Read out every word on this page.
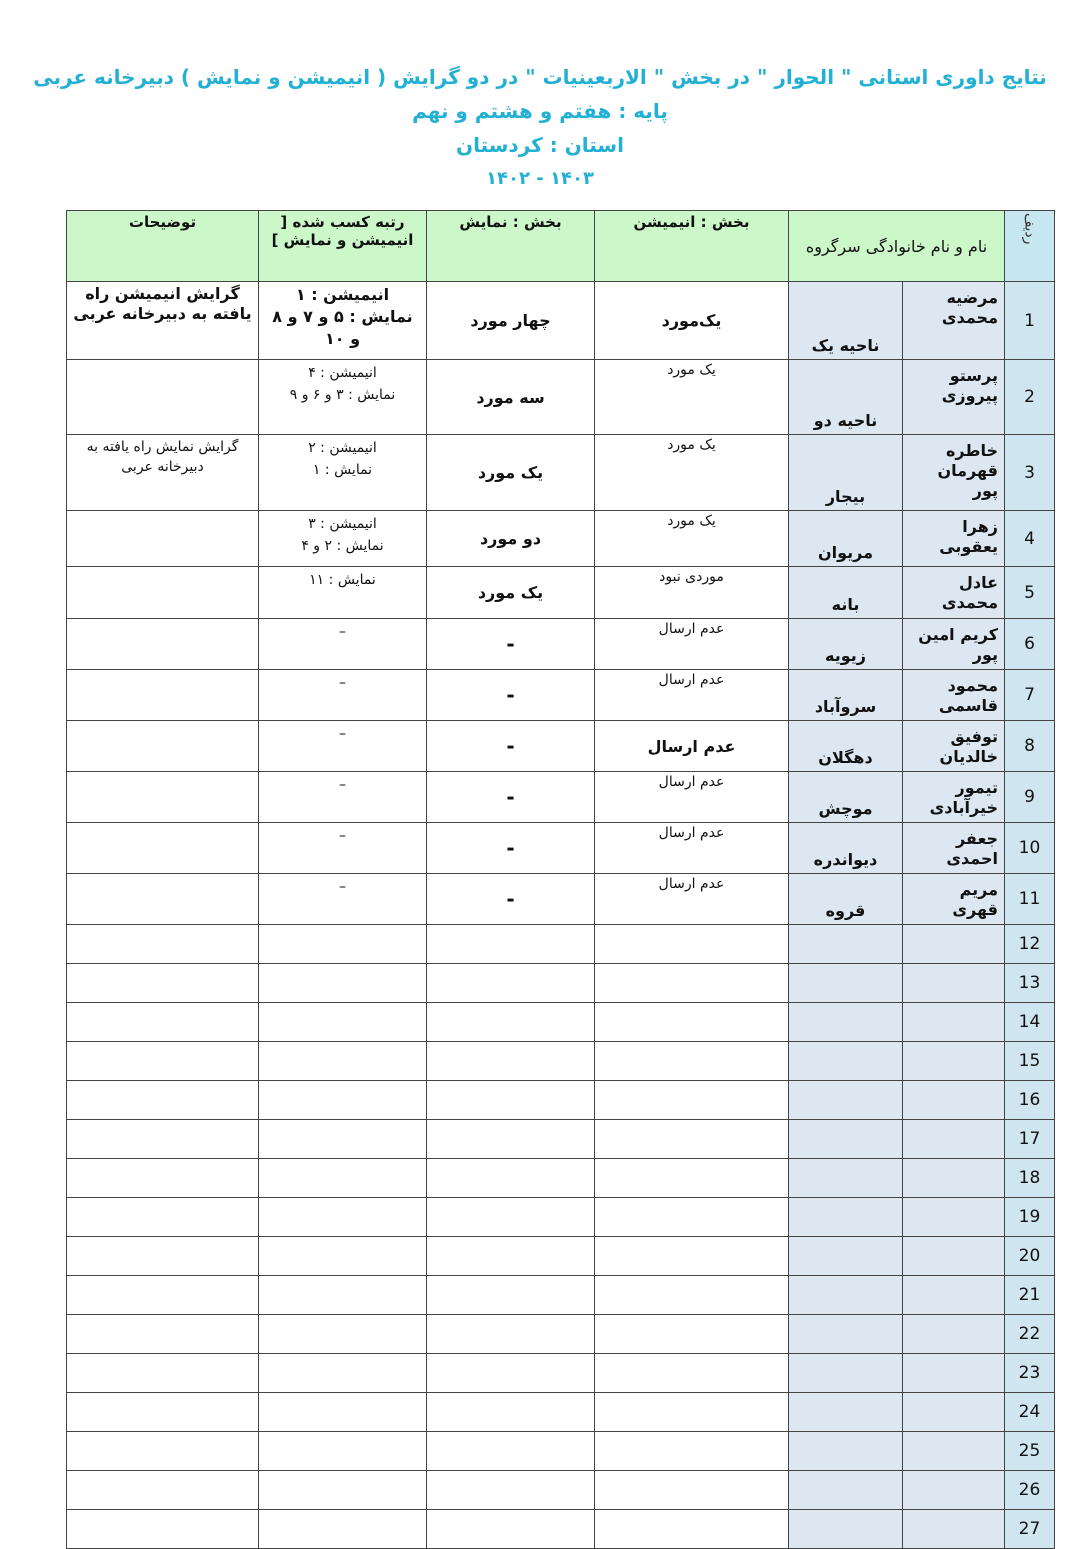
نتایج داوری استانی " الحوار " در بخش " الاربعینیات " در دو گرایش ( انیمیشن و نمایش ) دبیرخانه عربی
پایه : هفتم و هشتم و نهم
استان : کردستان
۱۴۰۳ - ۱۴۰۲
ردیف	نام و نام خانوادگی سرگروه		بخش : انیمیشن	بخش : نمایش	رتبه کسب شده [ انیمیشن و نمایش ]	توضیحات
1	مرضیه محمدی	ناحیه یک	یک‌مورد	چهار مورد	انیمیشن : ۱
نمایش : ۵ و ۷ و ۸ و ۱۰	گرایش انیمیشن راه یافته به دبیرخانه عربی
2	پرستو پیروزی	ناحیه دو	یک مورد	سه مورد	انیمیشن : ۴
نمایش : ۳ و ۶ و ۹	

3	خاطره قهرمان پور	بیجار	یک مورد	یک مورد	انیمیشن : ۲
نمایش : ۱	گرایش نمایش راه یافته به دبیرخانه عربی
4	زهرا یعقوبی	مریوان	یک مورد	دو مورد	انیمیشن : ۳
نمایش : ۲ و ۴	

5	عادل محمدی	بانه	موردی نبود	یک مورد	نمایش : ۱۱	

6	کریم امین پور	زیویه	عدم ارسال	-	–	

7	محمود قاسمی	سروآباد	عدم ارسال	-	–	

8	توفیق خالدیان	دهگلان	عدم ارسال	-	–	

9	تیمور خیرآبادی	موچش	عدم ارسال	-	–	

10	جعفر احمدی	دیواندره	عدم ارسال	-	–	

11	مریم قهری	قروه	عدم ارسال	-	–	

12						
13						
14						
15						
16						
17						
18						
19						
20						
21						
22						
23						
24						
25						
26						
27						
